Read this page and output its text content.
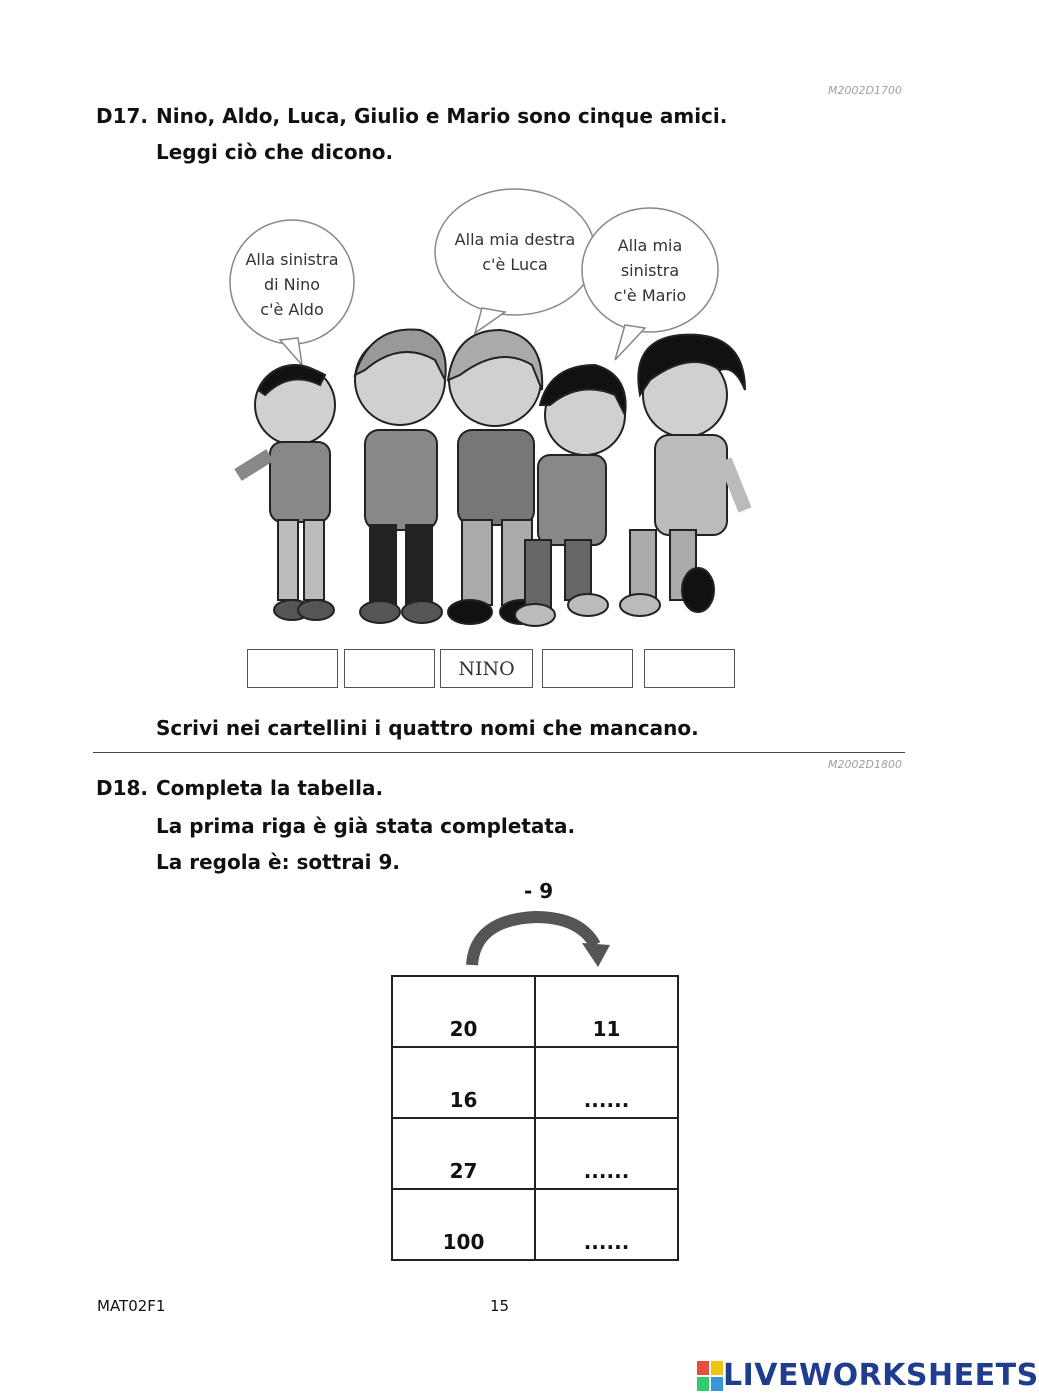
M2002D1700
D17. Nino, Aldo, Luca, Giulio e Mario sono cinque amici.
Leggi ciò che dicono.
Alla sinistra
di Nino
c'è Aldo
Alla mia destra
c'è Luca
Alla mia
sinistra
c'è Mario
NINO
Scrivi nei cartellini i quattro nomi che mancano.
M2002D1800
D18. Completa la tabella.
La prima riga è già stata completata.
La regola è: sottrai 9.
- 9
20	11
16	......
27	......
100	......
MAT02F1	15
LIVEWORKSHEETS
